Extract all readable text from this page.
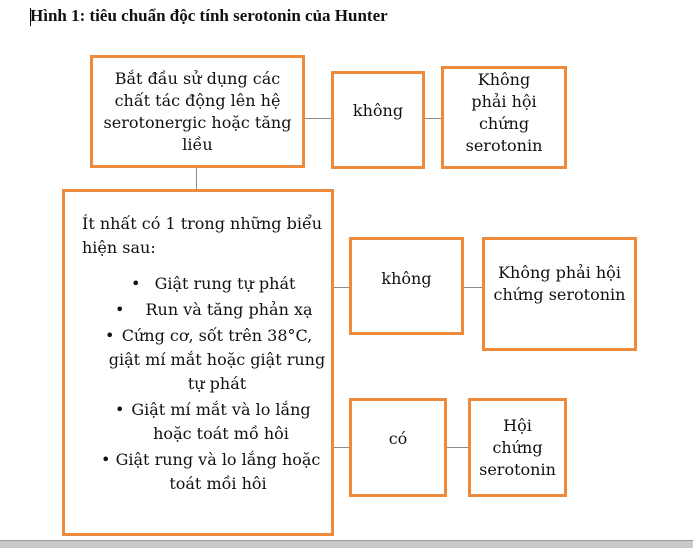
Hình 1: tiêu chuẩn độc tính serotonin của Hunter
Bắt đầu sử dụng các chất tác động lên hệ serotonergic hoặc tăng liều
không
Không phải hội chứng serotonin
Ít nhất có 1 trong những biểu hiện sau:
• Giật rung tự phát
• Run và tăng phản xạ
• Cứng cơ, sốt trên 38°C, giật mí mắt hoặc giật rung tự phát
• Giật mí mắt và lo lắng hoặc toát mồ hôi
• Giật rung và lo lắng hoặc toát mồi hôi
không	Không phải hội chứng serotonin
có
Hội chứng serotonin
